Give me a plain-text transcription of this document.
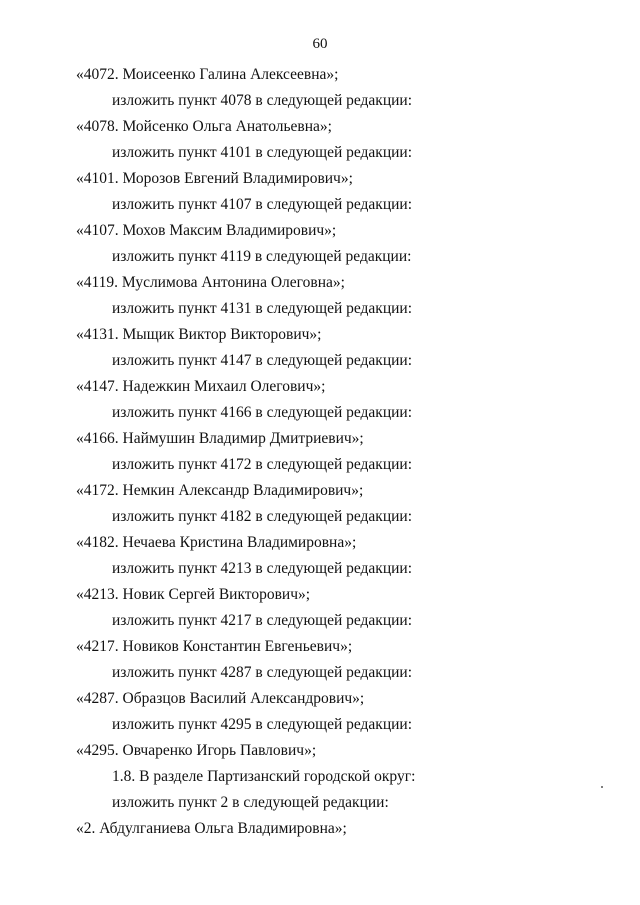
60
«4072. Моисеенко Галина Алексеевна»;
изложить пункт 4078 в следующей редакции:
«4078. Мойсенко Ольга Анатольевна»;
изложить пункт 4101 в следующей редакции:
«4101. Морозов Евгений Владимирович»;
изложить пункт 4107 в следующей редакции:
«4107. Мохов Максим Владимирович»;
изложить пункт 4119 в следующей редакции:
«4119. Муслимова Антонина Олеговна»;
изложить пункт 4131 в следующей редакции:
«4131. Мыщик Виктор Викторович»;
изложить пункт 4147 в следующей редакции:
«4147. Надежкин Михаил Олегович»;
изложить пункт 4166 в следующей редакции:
«4166. Наймушин Владимир Дмитриевич»;
изложить пункт 4172 в следующей редакции:
«4172. Немкин Александр Владимирович»;
изложить пункт 4182 в следующей редакции:
«4182. Нечаева Кристина Владимировна»;
изложить пункт 4213 в следующей редакции:
«4213. Новик Сергей Викторович»;
изложить пункт 4217 в следующей редакции:
«4217. Новиков Константин Евгеньевич»;
изложить пункт 4287 в следующей редакции:
«4287. Образцов Василий Александрович»;
изложить пункт 4295 в следующей редакции:
«4295. Овчаренко Игорь Павлович»;
1.8. В разделе Партизанский городской округ:
изложить пункт 2 в следующей редакции:
«2. Абдулганиева Ольга Владимировна»;
